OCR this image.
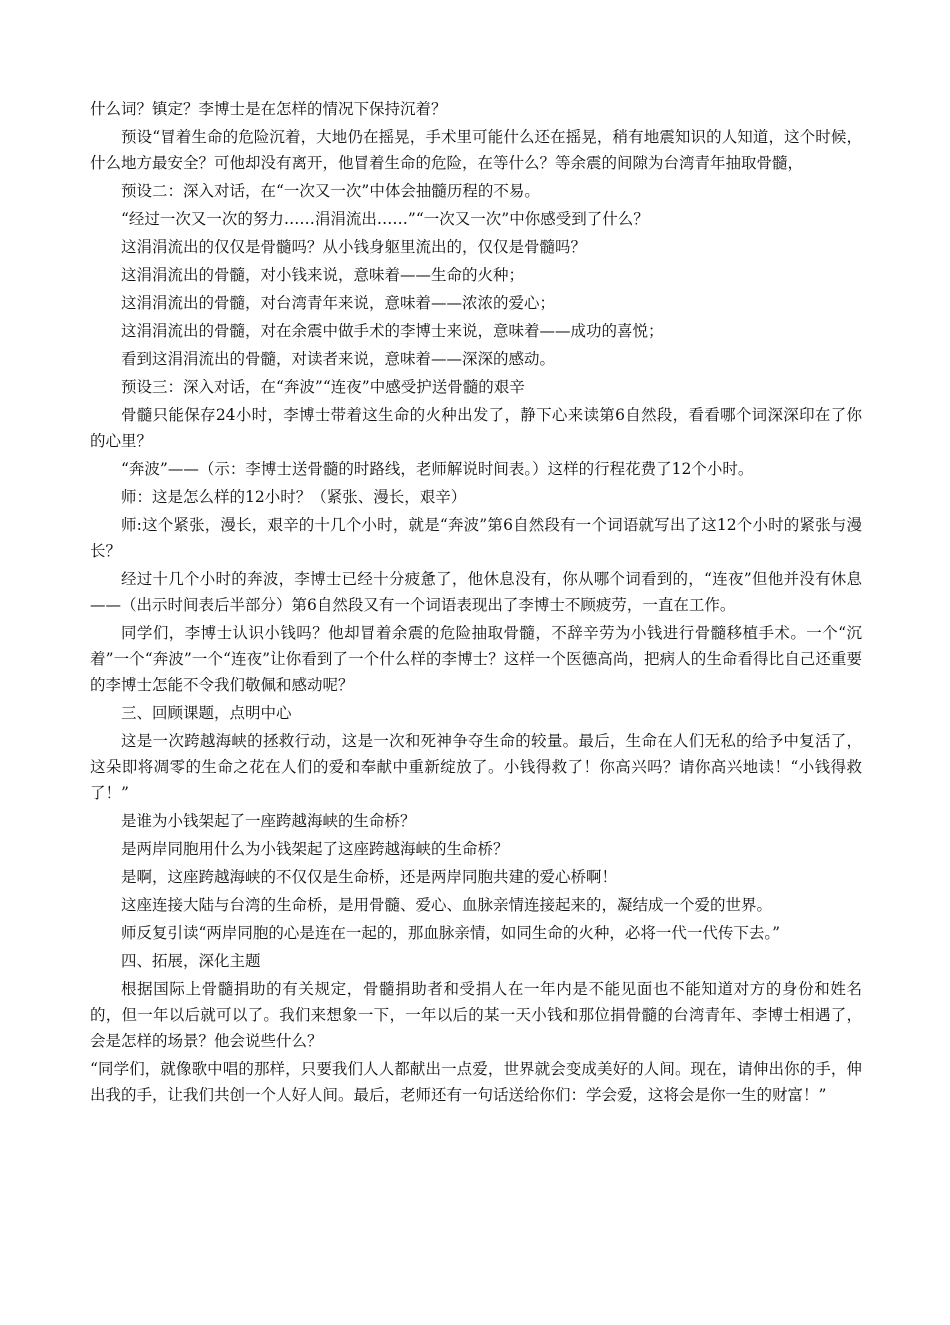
什么词？镇定？李博士是在怎样的情况下保持沉着？

预设“冒着生命的危险沉着，大地仍在摇晃，手术里可能什么还在摇晃，稍有地震知识的人知道，这个时候，什么地方最安全？可他却没有离开，他冒着生命的危险，在等什么？等余震的间隙为台湾青年抽取骨髓，

预设二：深入对话，在“一次又一次”中体会抽髓历程的不易。

“经过一次又一次的努力……涓涓流出……”“一次又一次”中你感受到了什么？

这涓涓流出的仅仅是骨髓吗？从小钱身躯里流出的，仅仅是骨髓吗？

这涓涓流出的骨髓，对小钱来说，意味着——生命的火种；

这涓涓流出的骨髓，对台湾青年来说，意味着——浓浓的爱心；

这涓涓流出的骨髓，对在余震中做手术的李博士来说，意味着——成功的喜悦；

看到这涓涓流出的骨髓，对读者来说，意味着——深深的感动。

预设三：深入对话，在“奔波”“连夜”中感受护送骨髓的艰辛

骨髓只能保存24小时，李博士带着这生命的火种出发了，静下心来读第6自然段，看看哪个词深深印在了你的心里？

“奔波”——（示：李博士送骨髓的时路线，老师解说时间表。）这样的行程花费了12个小时。

师：这是怎么样的12小时？（紧张、漫长，艰辛）

师:这个紧张，漫长，艰辛的十几个小时，就是“奔波”第6自然段有一个词语就写出了这12个小时的紧张与漫长？

经过十几个小时的奔波，李博士已经十分疲惫了，他休息没有，你从哪个词看到的，“连夜”但他并没有休息——（出示时间表后半部分）第6自然段又有一个词语表现出了李博士不顾疲劳，一直在工作。

同学们，李博士认识小钱吗？他却冒着余震的危险抽取骨髓，不辞辛劳为小钱进行骨髓移植手术。一个“沉着”一个“奔波”一个“连夜”让你看到了一个什么样的李博士？这样一个医德高尚，把病人的生命看得比自己还重要的李博士怎能不令我们敬佩和感动呢？

三、回顾课题，点明中心

这是一次跨越海峡的拯救行动，这是一次和死神争夺生命的较量。最后，生命在人们无私的给予中复活了，这朵即将凋零的生命之花在人们的爱和奉献中重新绽放了。小钱得救了！你高兴吗？请你高兴地读！“小钱得救了！”

是谁为小钱架起了一座跨越海峡的生命桥？

是两岸同胞用什么为小钱架起了这座跨越海峡的生命桥？

是啊，这座跨越海峡的不仅仅是生命桥，还是两岸同胞共建的爱心桥啊！

这座连接大陆与台湾的生命桥，是用骨髓、爱心、血脉亲情连接起来的，凝结成一个爱的世界。

师反复引读“两岸同胞的心是连在一起的，那血脉亲情，如同生命的火种，必将一代一代传下去。”

四、拓展，深化主题

根据国际上骨髓捐助的有关规定，骨髓捐助者和受捐人在一年内是不能见面也不能知道对方的身份和姓名的，但一年以后就可以了。我们来想象一下，一年以后的某一天小钱和那位捐骨髓的台湾青年、李博士相遇了，会是怎样的场景？他会说些什么？

“同学们，就像歌中唱的那样，只要我们人人都献出一点爱，世界就会变成美好的人间。现在，请伸出你的手，伸出我的手，让我们共创一个人好人间。最后，老师还有一句话送给你们：学会爱，这将会是你一生的财富！”
